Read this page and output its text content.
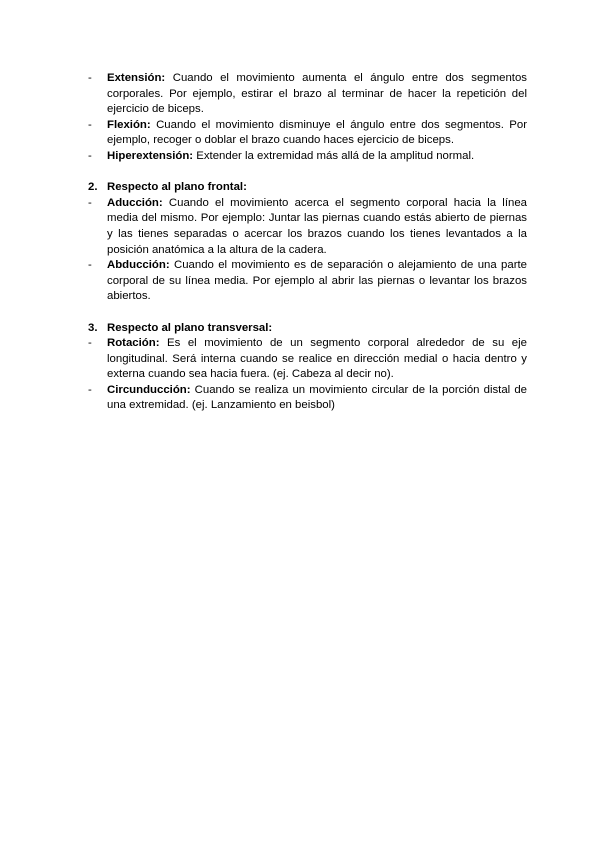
- Extensión: Cuando el movimiento aumenta el ángulo entre dos segmentos corporales. Por ejemplo, estirar el brazo al terminar de hacer la repetición del ejercicio de biceps.
- Flexión: Cuando el movimiento disminuye el ángulo entre dos segmentos. Por ejemplo, recoger o doblar el brazo cuando haces ejercicio de biceps.
- Hiperextensión: Extender la extremidad más allá de la amplitud normal.
2. Respecto al plano frontal:
- Aducción: Cuando el movimiento acerca el segmento corporal hacia la línea media del mismo. Por ejemplo: Juntar las piernas cuando estás abierto de piernas y las tienes separadas o acercar los brazos cuando los tienes levantados a la posición anatómica a la altura de la cadera.
- Abducción: Cuando el movimiento es de separación o alejamiento de una parte corporal de su línea media. Por ejemplo al abrir las piernas o levantar los brazos abiertos.
3. Respecto al plano transversal:
- Rotación: Es el movimiento de un segmento corporal alrededor de su eje longitudinal. Será interna cuando se realice en dirección medial o hacia dentro y externa cuando sea hacia fuera. (ej. Cabeza al decir no).
- Circunducción: Cuando se realiza un movimiento circular de la porción distal de una extremidad. (ej. Lanzamiento en beisbol)
